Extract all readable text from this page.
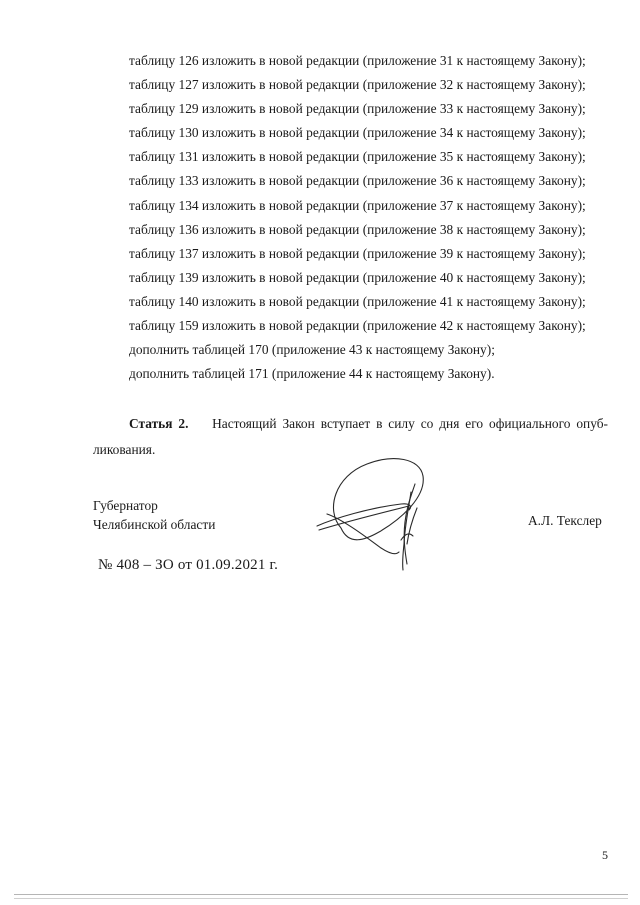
таблицу 126 изложить в новой редакции (приложение 31 к настоящему Закону);
таблицу 127 изложить в новой редакции (приложение 32 к настоящему Закону);
таблицу 129 изложить в новой редакции (приложение 33 к настоящему Закону);
таблицу 130 изложить в новой редакции (приложение 34 к настоящему Закону);
таблицу 131 изложить в новой редакции (приложение 35 к настоящему Закону);
таблицу 133 изложить в новой редакции (приложение 36 к настоящему Закону);
таблицу 134 изложить в новой редакции (приложение 37 к настоящему Закону);
таблицу 136 изложить в новой редакции (приложение 38 к настоящему Закону);
таблицу 137 изложить в новой редакции (приложение 39 к настоящему Закону);
таблицу 139 изложить в новой редакции (приложение 40 к настоящему Закону);
таблицу 140 изложить в новой редакции (приложение 41 к настоящему Закону);
таблицу 159 изложить в новой редакции (приложение 42 к настоящему Закону);
дополнить таблицей 170 (приложение 43 к настоящему Закону);
дополнить таблицей 171 (приложение 44 к настоящему Закону).
Статья 2. Настоящий Закон вступает в силу со дня его официального опуб-
ликования.
Губернатор
Челябинской области	А.Л. Текслер
№ 408 – ЗО от 01.09.2021 г.
5
